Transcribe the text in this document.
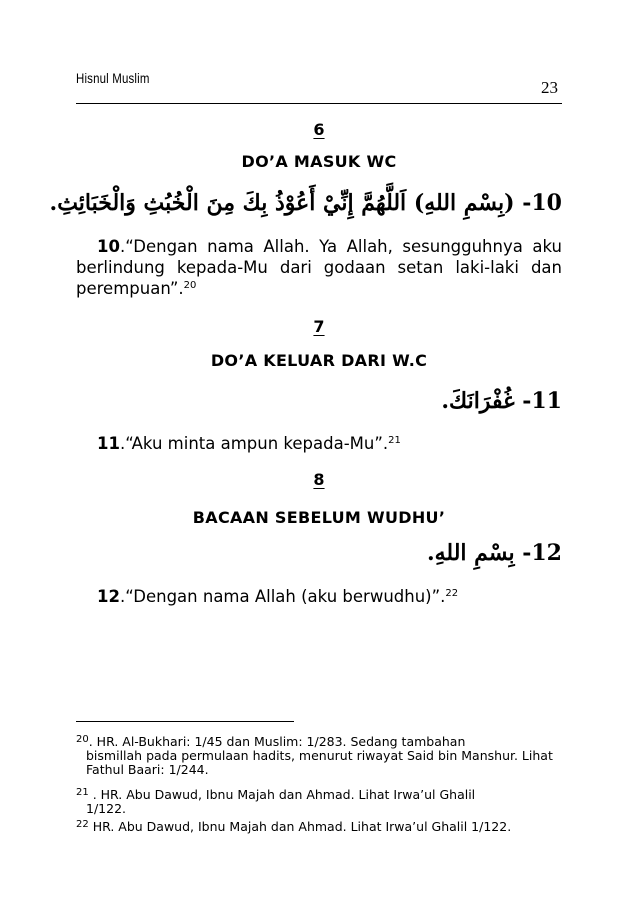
Hisnul Muslim	23
6
DO’A MASUK WC
10- (بِسْمِ اللهِ) اَللَّهُمَّ إِنِّيْ أَعُوْذُ بِكَ مِنَ الْخُبُثِ وَالْخَبَائِثِ.
10.“Dengan nama Allah. Ya Allah, sesungguhnya aku berlindung kepada-Mu dari godaan setan laki-laki dan perempuan”.$^{20}$
7
DO’A KELUAR DARI W.C
11- غُفْرَانَكَ.
11.“Aku minta ampun kepada-Mu”.$^{21}$
8
BACAAN SEBELUM WUDHU’
12- بِسْمِ اللهِ.
12.“Dengan nama Allah (aku berwudhu)”.$^{22}$
$^{20}$. HR. Al-Bukhari: 1/45 dan Muslim: 1/283. Sedang tambahan
bismillah pada permulaan hadits, menurut riwayat Said bin Manshur. Lihat Fathul Baari: 1/244.
$^{21}$ . HR. Abu Dawud, Ibnu Majah dan Ahmad. Lihat Irwa’ul Ghalil
1/122.
$^{22}$ HR. Abu Dawud, Ibnu Majah dan Ahmad. Lihat Irwa’ul Ghalil 1/122.
